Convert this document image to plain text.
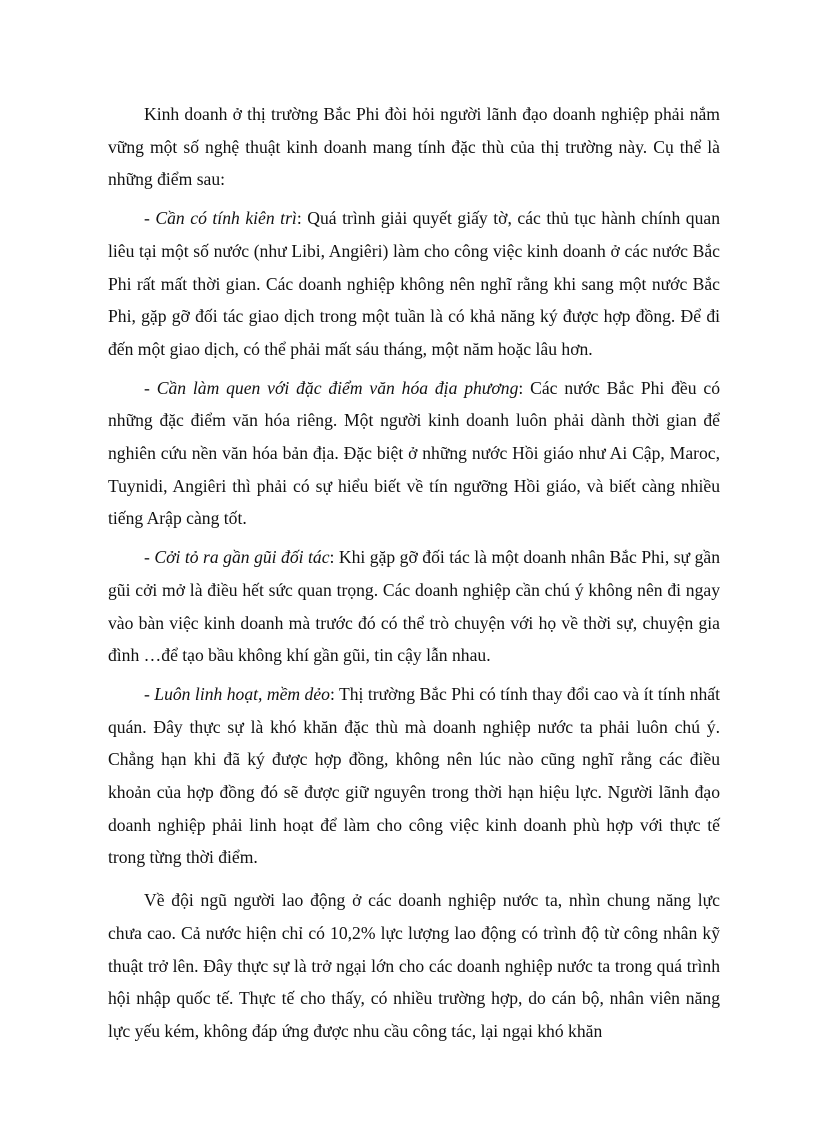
Kinh doanh ở thị trường Bắc Phi đòi hỏi người lãnh đạo doanh nghiệp phải nắm vững một số nghệ thuật kinh doanh mang tính đặc thù của thị trường này. Cụ thể là những điểm sau:

- Cần có tính kiên trì: Quá trình giải quyết giấy tờ, các thủ tục hành chính quan liêu tại một số nước (như Libi, Angiêri) làm cho công việc kinh doanh ở các nước Bắc Phi rất mất thời gian. Các doanh nghiệp không nên nghĩ rằng khi sang một nước Bắc Phi, gặp gỡ đối tác giao dịch trong một tuần là có khả năng ký được hợp đồng. Để đi đến một giao dịch, có thể phải mất sáu tháng, một năm hoặc lâu hơn.

- Cần làm quen với đặc điểm văn hóa địa phương: Các nước Bắc Phi đều có những đặc điểm văn hóa riêng. Một người kinh doanh luôn phải dành thời gian để nghiên cứu nền văn hóa bản địa. Đặc biệt ở những nước Hồi giáo như Ai Cập, Maroc, Tuynidi, Angiêri thì phải có sự hiểu biết về tín ngưỡng Hồi giáo, và biết càng nhiều tiếng Arập càng tốt.

- Cởi tỏ ra gần gũi đối tác: Khi gặp gỡ đối tác là một doanh nhân Bắc Phi, sự gần gũi cởi mở là điều hết sức quan trọng. Các doanh nghiệp cần chú ý không nên đi ngay vào bàn việc kinh doanh mà trước đó có thể trò chuyện với họ về thời sự, chuyện gia đình …để tạo bầu không khí gần gũi, tin cậy lẫn nhau.

- Luôn linh hoạt, mềm dẻo: Thị trường Bắc Phi có tính thay đổi cao và ít tính nhất quán. Đây thực sự là khó khăn đặc thù mà doanh nghiệp nước ta phải luôn chú ý. Chẳng hạn khi đã ký được hợp đồng, không nên lúc nào cũng nghĩ rằng các điều khoản của hợp đồng đó sẽ được giữ nguyên trong thời hạn hiệu lực. Người lãnh đạo doanh nghiệp phải linh hoạt để làm cho công việc kinh doanh phù hợp với thực tế trong từng thời điểm.

Về đội ngũ người lao động ở các doanh nghiệp nước ta, nhìn chung năng lực chưa cao. Cả nước hiện chỉ có 10,2% lực lượng lao động có trình độ từ công nhân kỹ thuật trở lên. Đây thực sự là trở ngại lớn cho các doanh nghiệp nước ta trong quá trình hội nhập quốc tế. Thực tế cho thấy, có nhiều trường hợp, do cán bộ, nhân viên năng lực yếu kém, không đáp ứng được nhu cầu công tác, lại ngại khó khăn
